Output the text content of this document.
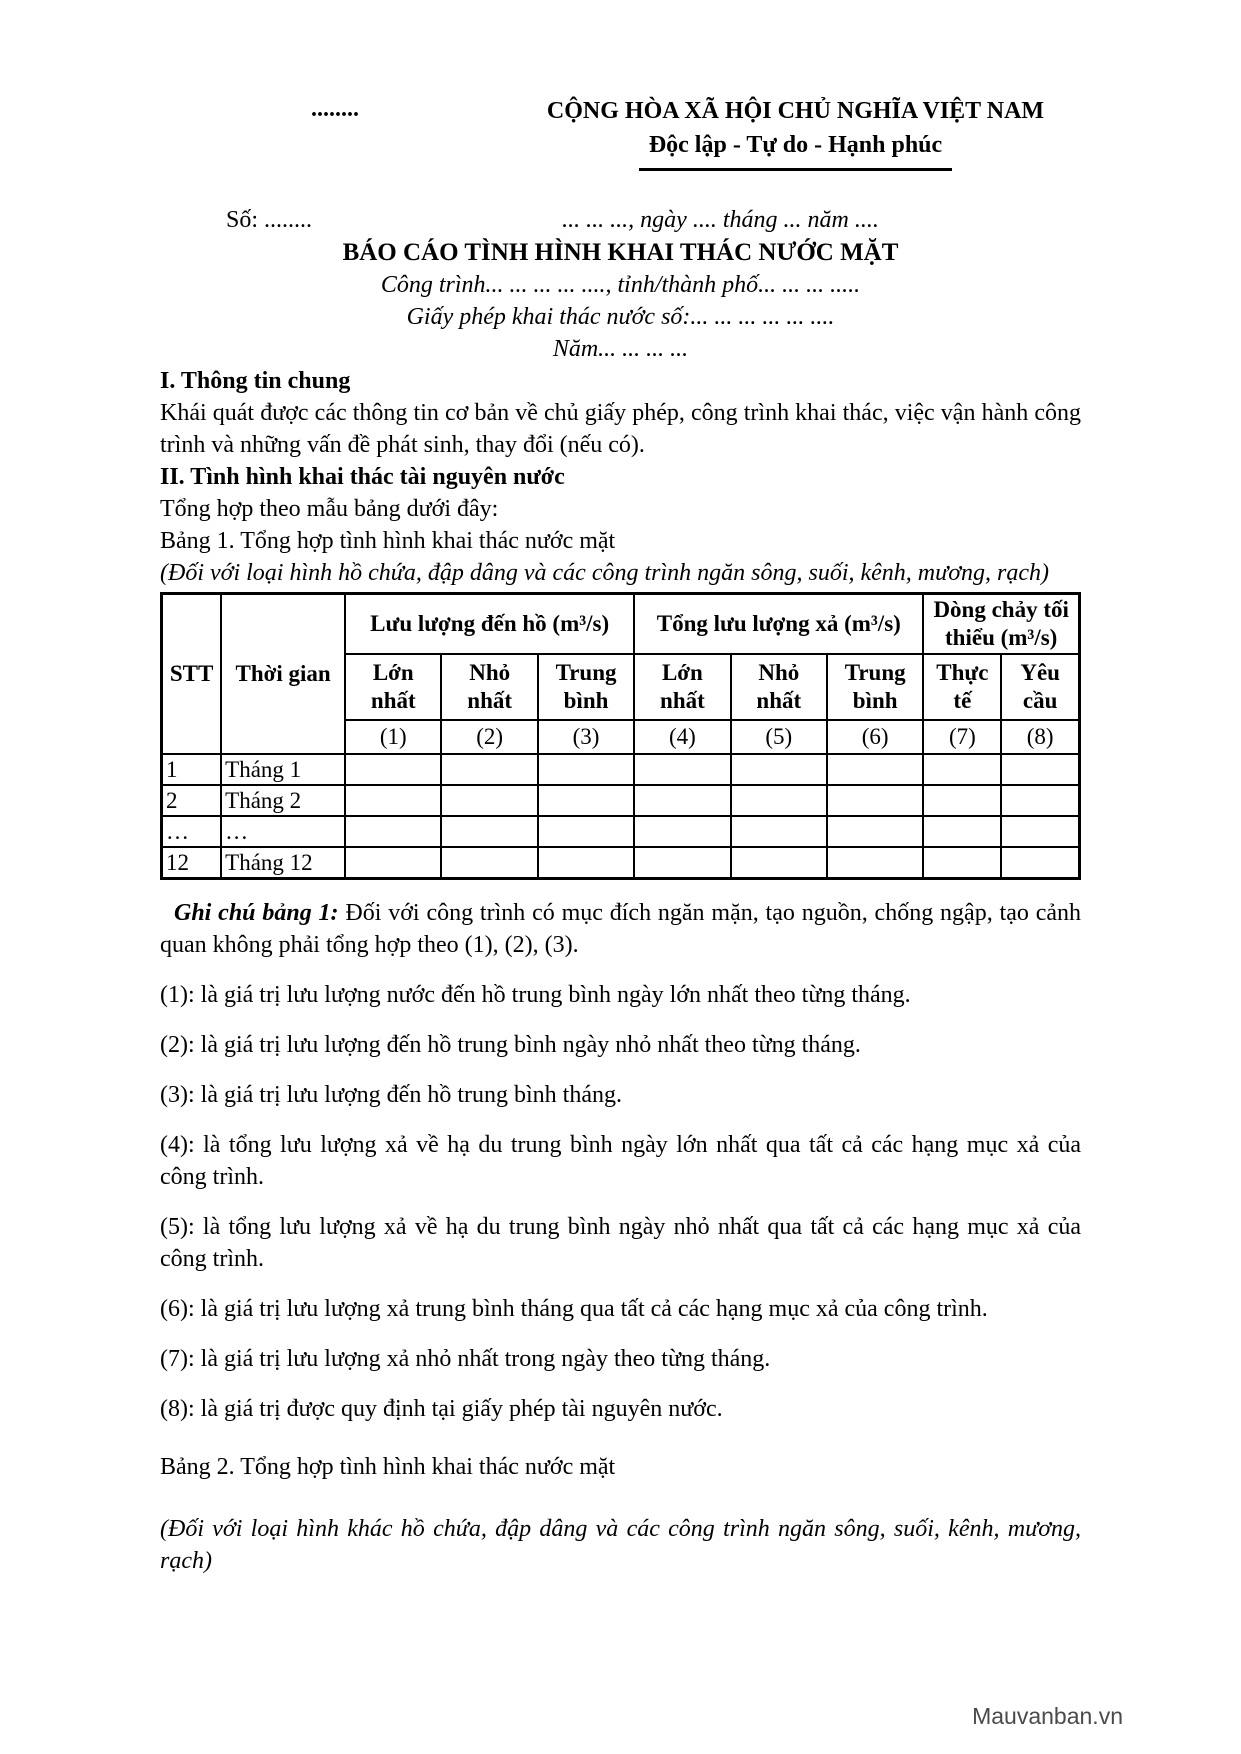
........	CỘNG HÒA XÃ HỘI CHỦ NGHĨA VIỆT NAM
Độc lập - Tự do - Hạnh phúc
Số: ........	... ... ..., ngày .... tháng ... năm ....
BÁO CÁO TÌNH HÌNH KHAI THÁC NƯỚC MẶT
Công trình... ... ... ... ...., tỉnh/thành phố... ... ... .....
Giấy phép khai thác nước số:... ... ... ... ... ....
Năm... ... ... ...
I. Thông tin chung

Khái quát được các thông tin cơ bản về chủ giấy phép, công trình khai thác, việc vận hành công trình và những vấn đề phát sinh, thay đổi (nếu có).

II. Tình hình khai thác tài nguyên nước

Tổng hợp theo mẫu bảng dưới đây:

Bảng 1. Tổng hợp tình hình khai thác nước mặt

(Đối với loại hình hồ chứa, đập dâng và các công trình ngăn sông, suối, kênh, mương, rạch)

STT	Thời gian	Lưu lượng đến hồ (m³/s)			Tổng lưu lượng xả (m³/s)			Dòng chảy tối thiểu (m³/s)	
		Lớn nhất	Nhỏ nhất	Trung bình	Lớn nhất	Nhỏ nhất	Trung bình	Thực tế	Yêu cầu
		(1)	(2)	(3)	(4)	(5)	(6)	(7)	(8)
1	Tháng 1								
2	Tháng 2								
…	…								
12	Tháng 12								

Ghi chú bảng 1: Đối với công trình có mục đích ngăn mặn, tạo nguồn, chống ngập, tạo cảnh quan không phải tổng hợp theo (1), (2), (3).

(1): là giá trị lưu lượng nước đến hồ trung bình ngày lớn nhất theo từng tháng.

(2): là giá trị lưu lượng đến hồ trung bình ngày nhỏ nhất theo từng tháng.

(3): là giá trị lưu lượng đến hồ trung bình tháng.

(4): là tổng lưu lượng xả về hạ du trung bình ngày lớn nhất qua tất cả các hạng mục xả của công trình.

(5): là tổng lưu lượng xả về hạ du trung bình ngày nhỏ nhất qua tất cả các hạng mục xả của công trình.

(6): là giá trị lưu lượng xả trung bình tháng qua tất cả các hạng mục xả của công trình.

(7): là giá trị lưu lượng xả nhỏ nhất trong ngày theo từng tháng.

(8): là giá trị được quy định tại giấy phép tài nguyên nước.

Bảng 2. Tổng hợp tình hình khai thác nước mặt

(Đối với loại hình khác hồ chứa, đập dâng và các công trình ngăn sông, suối, kênh, mương, rạch)

Mauvanban.vn
